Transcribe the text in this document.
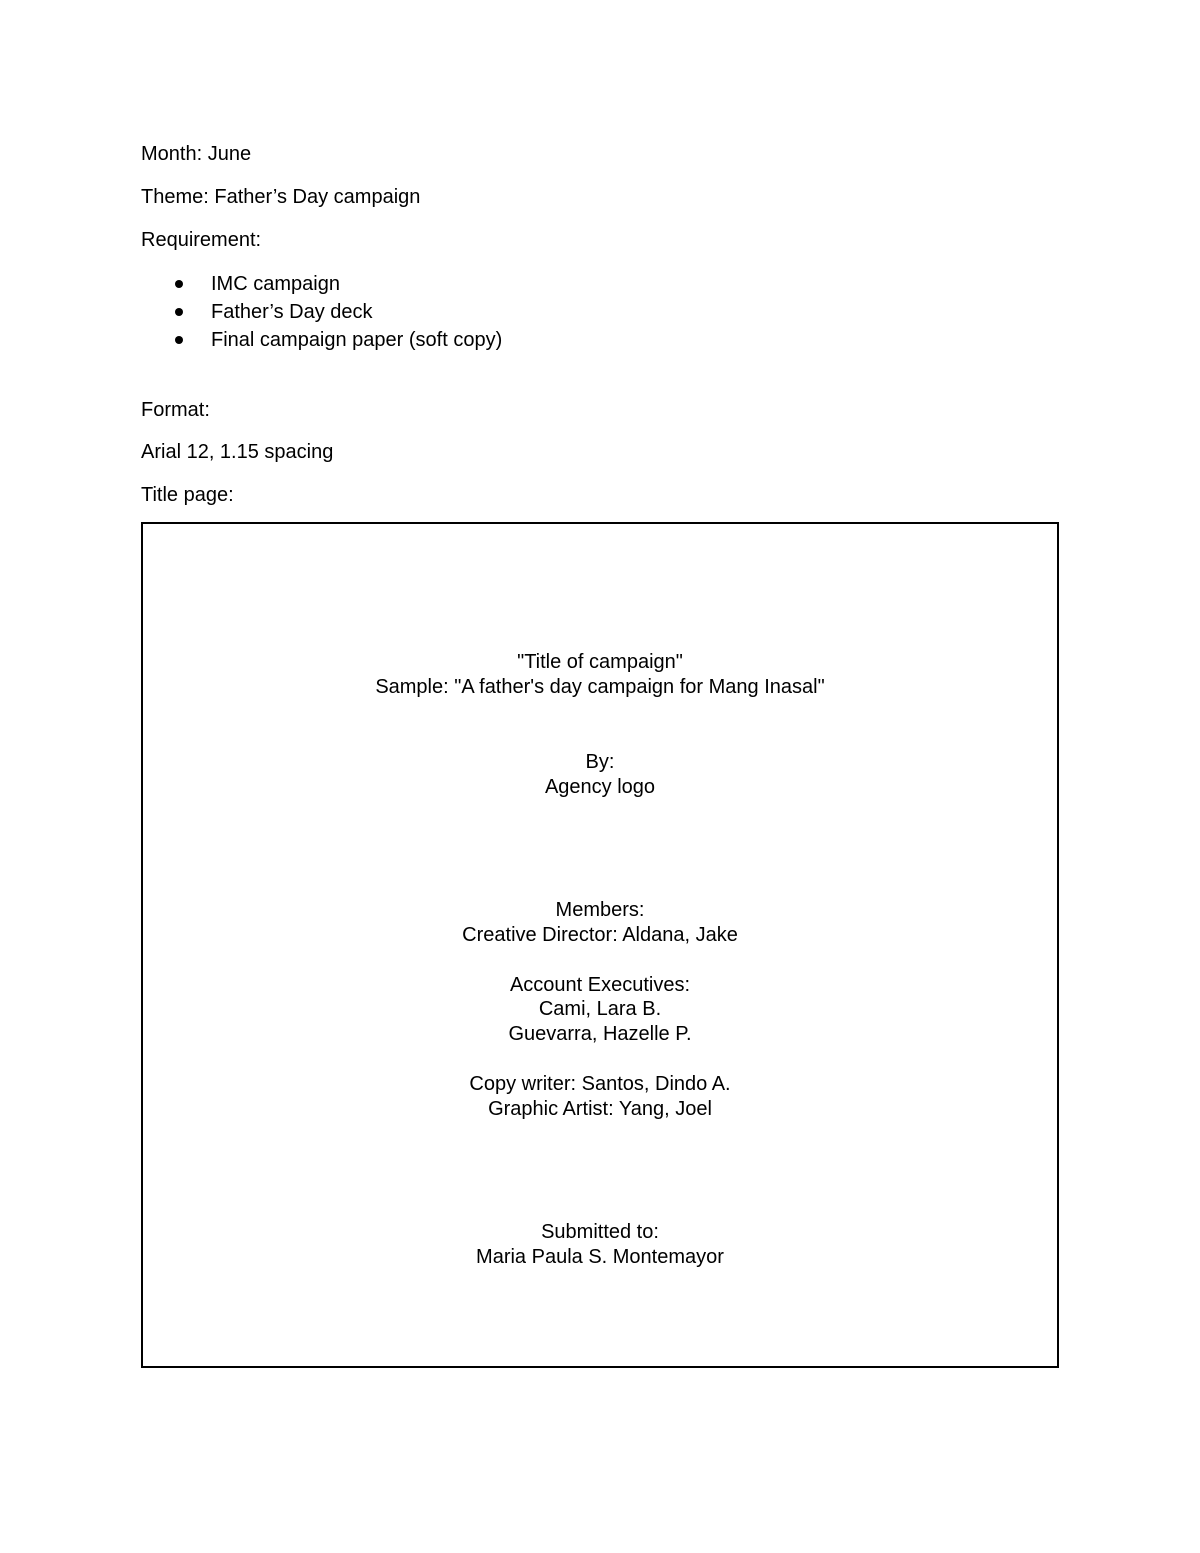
Month: June
Theme: Father’s Day campaign
Requirement:
IMC campaign
Father’s Day deck
Final campaign paper (soft copy)
Format:
Arial 12, 1.15 spacing
Title page:
"Title of campaign"
Sample: "A father's day campaign for Mang Inasal"
By:
Agency logo
Members:
Creative Director: Aldana, Jake
Account Executives:
Cami, Lara B.
Guevarra, Hazelle P.
Copy writer: Santos, Dindo A.
Graphic Artist: Yang, Joel
Submitted to:
Maria Paula S. Montemayor
